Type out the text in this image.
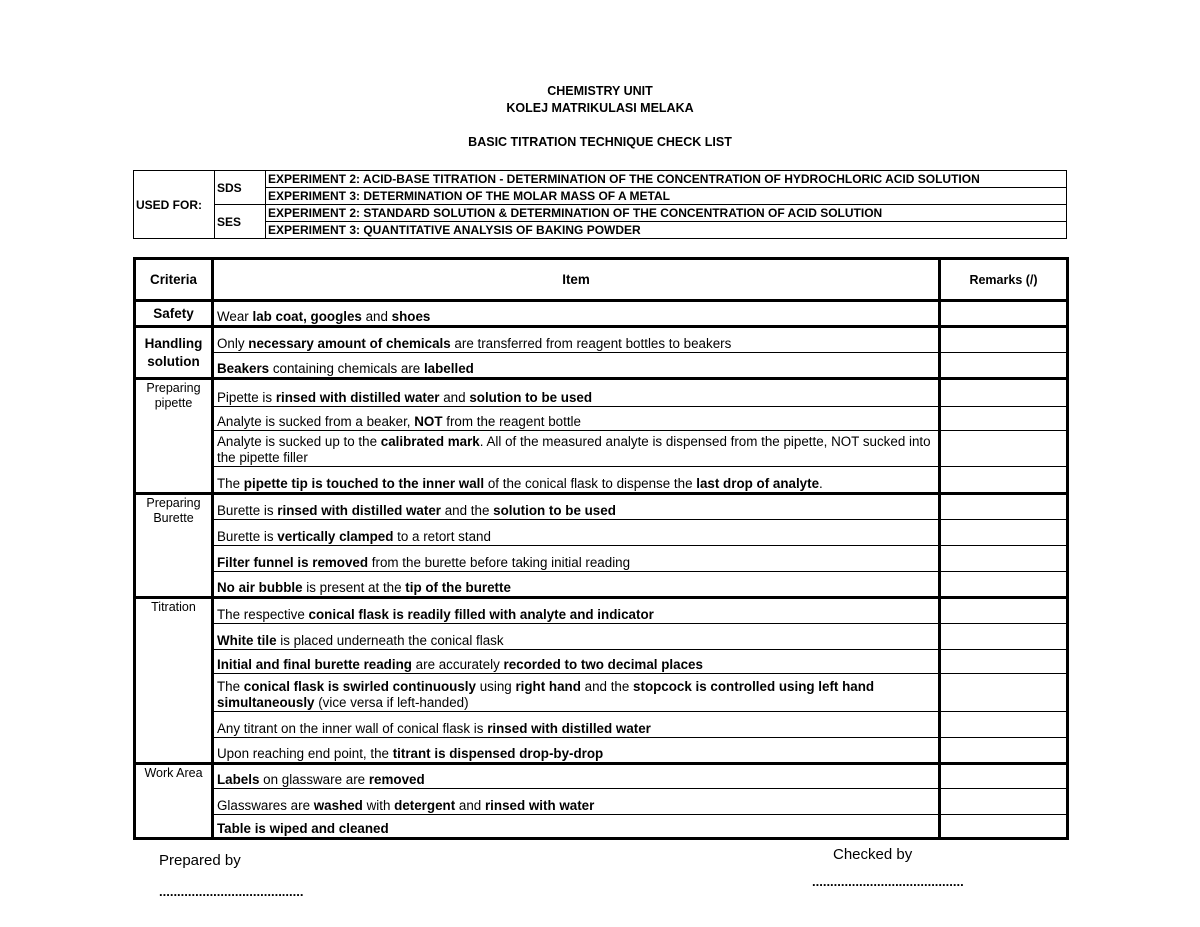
CHEMISTRY UNIT
KOLEJ MATRIKULASI MELAKA
BASIC TITRATION TECHNIQUE CHECK LIST
USED FOR:	SDS	EXPERIMENT 2: ACID-BASE TITRATION - DETERMINATION OF THE CONCENTRATION OF HYDROCHLORIC ACID SOLUTION
		EXPERIMENT 3: DETERMINATION OF THE MOLAR MASS OF A METAL
	SES	EXPERIMENT 2: STANDARD SOLUTION & DETERMINATION OF THE CONCENTRATION OF ACID SOLUTION
		EXPERIMENT 3: QUANTITATIVE ANALYSIS OF BAKING POWDER
Criteria	Item	Remarks (/)
Safety	Wear lab coat, googles and shoes	
Handling solution	Only necessary amount of chemicals are transferred from reagent bottles to beakers	
	Beakers containing chemicals are labelled	
Preparing pipette	Pipette is rinsed with distilled water and solution to be used	
	Analyte is sucked from a beaker, NOT from the reagent bottle	
	Analyte is sucked up to the calibrated mark. All of the measured analyte is dispensed from the pipette, NOT sucked into the pipette filler	
	The pipette tip is touched to the inner wall of the conical flask to dispense the last drop of analyte.	
Preparing Burette	Burette is rinsed with distilled water and the solution to be used	
	Burette is vertically clamped to a retort stand	
	Filter funnel is removed from the burette before taking initial reading	
	No air bubble is present at the tip of the burette	
Titration	The respective conical flask is readily filled with analyte and indicator	
	White tile is placed underneath the conical flask	
	Initial and final burette reading are accurately recorded to two decimal places	
	The conical flask is swirled continuously using right hand and the stopcock is controlled using left hand simultaneously (vice versa if left-handed)	
	Any titrant on the inner wall of conical flask is rinsed with distilled water	
	Upon reaching end point, the titrant is dispensed drop-by-drop	
Work Area	Labels on glassware are removed	
	Glasswares are washed with detergent and rinsed with water	
	Table is wiped and cleaned	
Prepared by
........................................
Checked by
..........................................
